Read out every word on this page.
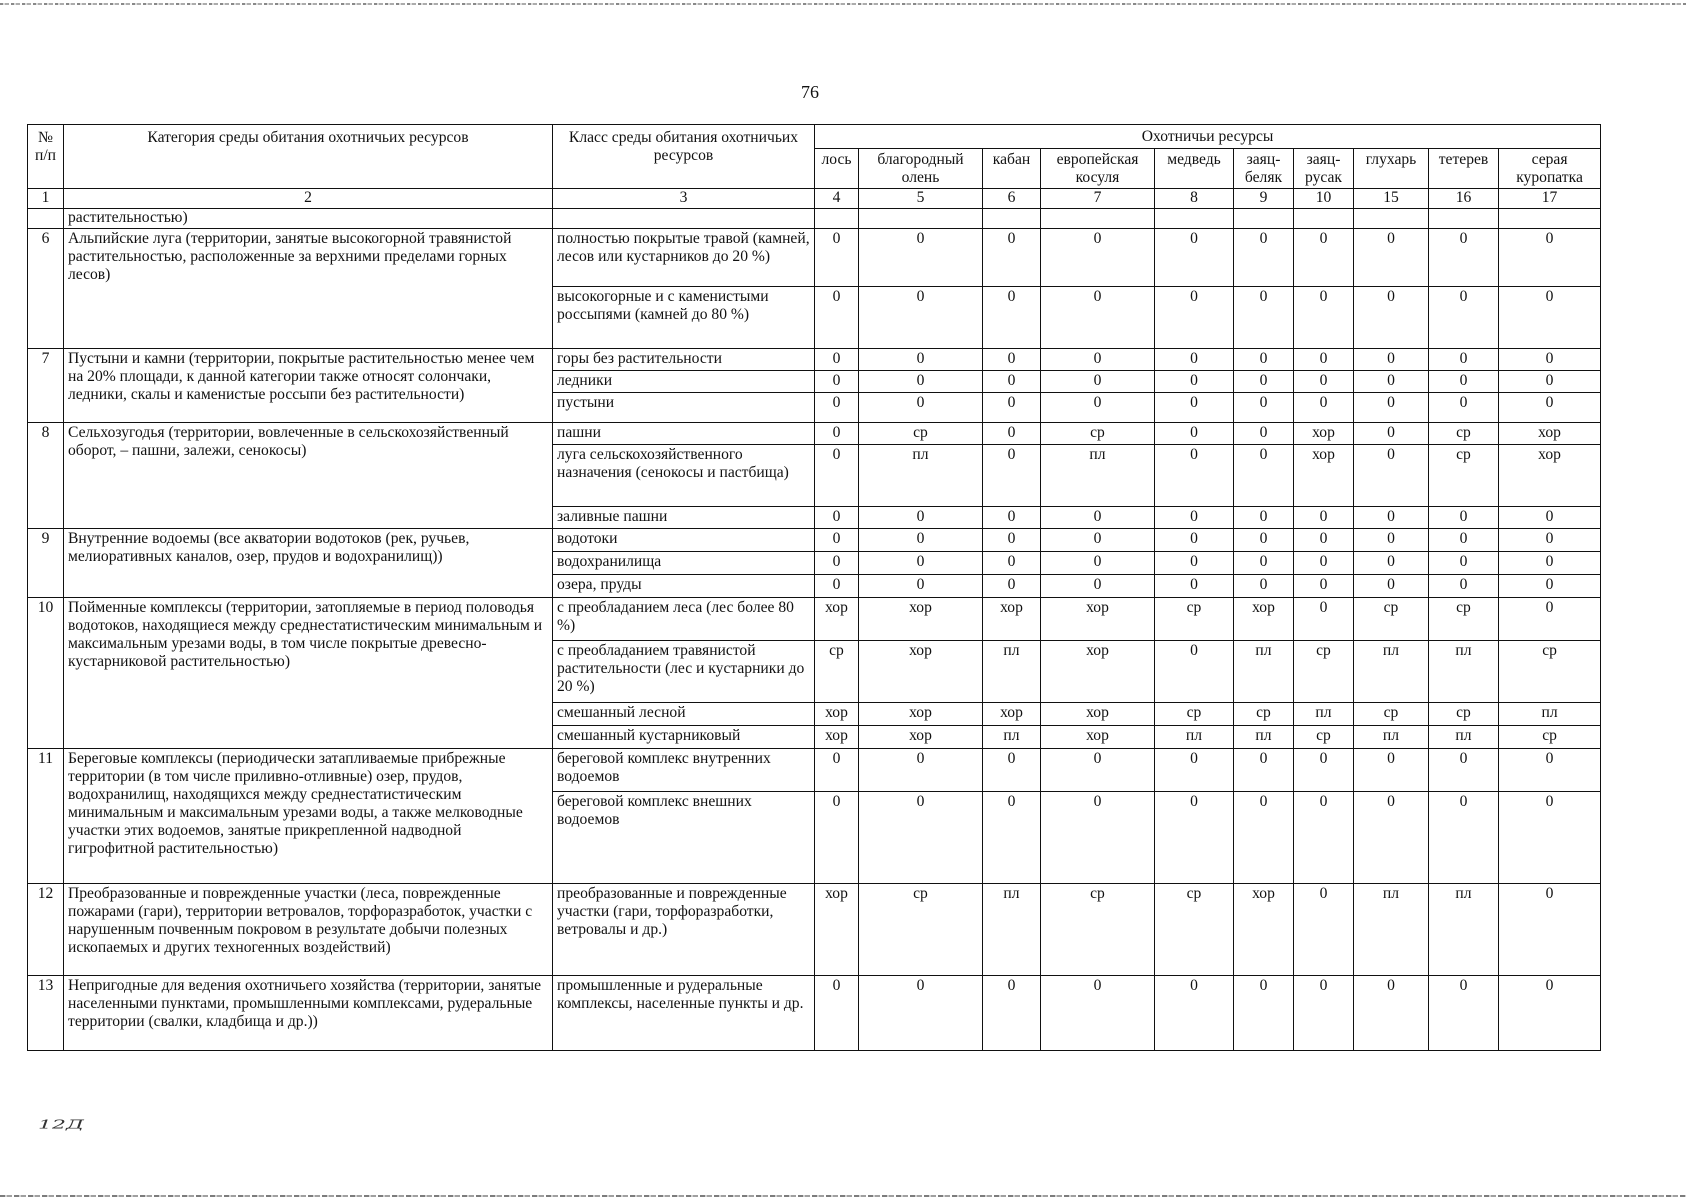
76
№ п/п	Категория среды обитания охотничьих ресурсов	Класс среды обитания охотничьих ресурсов	Охотничьи ресурсы									
			лось	благородный олень	кабан	европейская косуля	медведь	заяц-беляк	заяц-русак	глухарь	тетерев	серая куропатка
1	2	3	4	5	6	7	8	9	10	15	16	17
	растительностью)											
6	Альпийские луга (территории, занятые высокогорной травянистой растительностью, расположенные за верхними пределами горных лесов)	полностью покрытые травой (камней, лесов или кустарников до 20 %)	0	0	0	0	0	0	0	0	0	0
		высокогорные и с каменистыми россыпями (камней до 80 %)	0	0	0	0	0	0	0	0	0	0
7	Пустыни и камни (территории, покрытые растительностью менее чем на 20% площади, к данной категории также относят солончаки, ледники, скалы и каменистые россыпи без растительности)	горы без растительности	0	0	0	0	0	0	0	0	0	0
		ледники	0	0	0	0	0	0	0	0	0	0
		пустыни	0	0	0	0	0	0	0	0	0	0
8	Сельхозугодья (территории, вовлеченные в сельскохозяйственный оборот, – пашни, залежи, сенокосы)	пашни	0	ср	0	ср	0	0	хор	0	ср	хор
		луга сельскохозяйственного назначения (сенокосы и пастбища)	0	пл	0	пл	0	0	хор	0	ср	хор
		заливные пашни	0	0	0	0	0	0	0	0	0	0
9	Внутренние водоемы (все акватории водотоков (рек, ручьев, мелиоративных каналов, озер, прудов и водохранилищ))	водотоки	0	0	0	0	0	0	0	0	0	0
		водохранилища	0	0	0	0	0	0	0	0	0	0
		озера, пруды	0	0	0	0	0	0	0	0	0	0
10	Пойменные комплексы (территории, затопляемые в период половодья водотоков, находящиеся между среднестатистическим минимальным и максимальным урезами воды, в том числе покрытые древесно-кустарниковой растительностью)	с преобладанием леса (лес более 80 %)	хор	хор	хор	хор	ср	хор	0	ср	ср	0
		с преобладанием травянистой растительности (лес и кустарники до 20 %)	ср	хор	пл	хор	0	пл	ср	пл	пл	ср
		смешанный лесной	хор	хор	хор	хор	ср	ср	пл	ср	ср	пл
		смешанный кустарниковый	хор	хор	пл	хор	пл	пл	ср	пл	пл	ср
11	Береговые комплексы (периодически затапливаемые прибрежные территории (в том числе приливно-отливные) озер, прудов, водохранилищ, находящихся между среднестатистическим минимальным и максимальным урезами воды, а также мелководные участки этих водоемов, занятые прикрепленной надводной гигрофитной растительностью)	береговой комплекс внутренних водоемов	0	0	0	0	0	0	0	0	0	0
		береговой комплекс внешних водоемов	0	0	0	0	0	0	0	0	0	0
12	Преобразованные и поврежденные участки (леса, поврежденные пожарами (гари), территории ветровалов, торфоразработок, участки с нарушенным почвенным покровом в результате добычи полезных ископаемых и других техногенных воздействий)	преобразованные и поврежденные участки (гари, торфоразработки, ветровалы и др.)	хор	ср	пл	ср	ср	хор	0	пл	пл	0
13	Непригодные для ведения охотничьего хозяйства (территории, занятые населенными пунктами, промышленными комплексами, рудеральные территории (свалки, кладбища и др.))	промышленные и рудеральные комплексы, населенные пункты и др.	0	0	0	0	0	0	0	0	0	0
12Д
